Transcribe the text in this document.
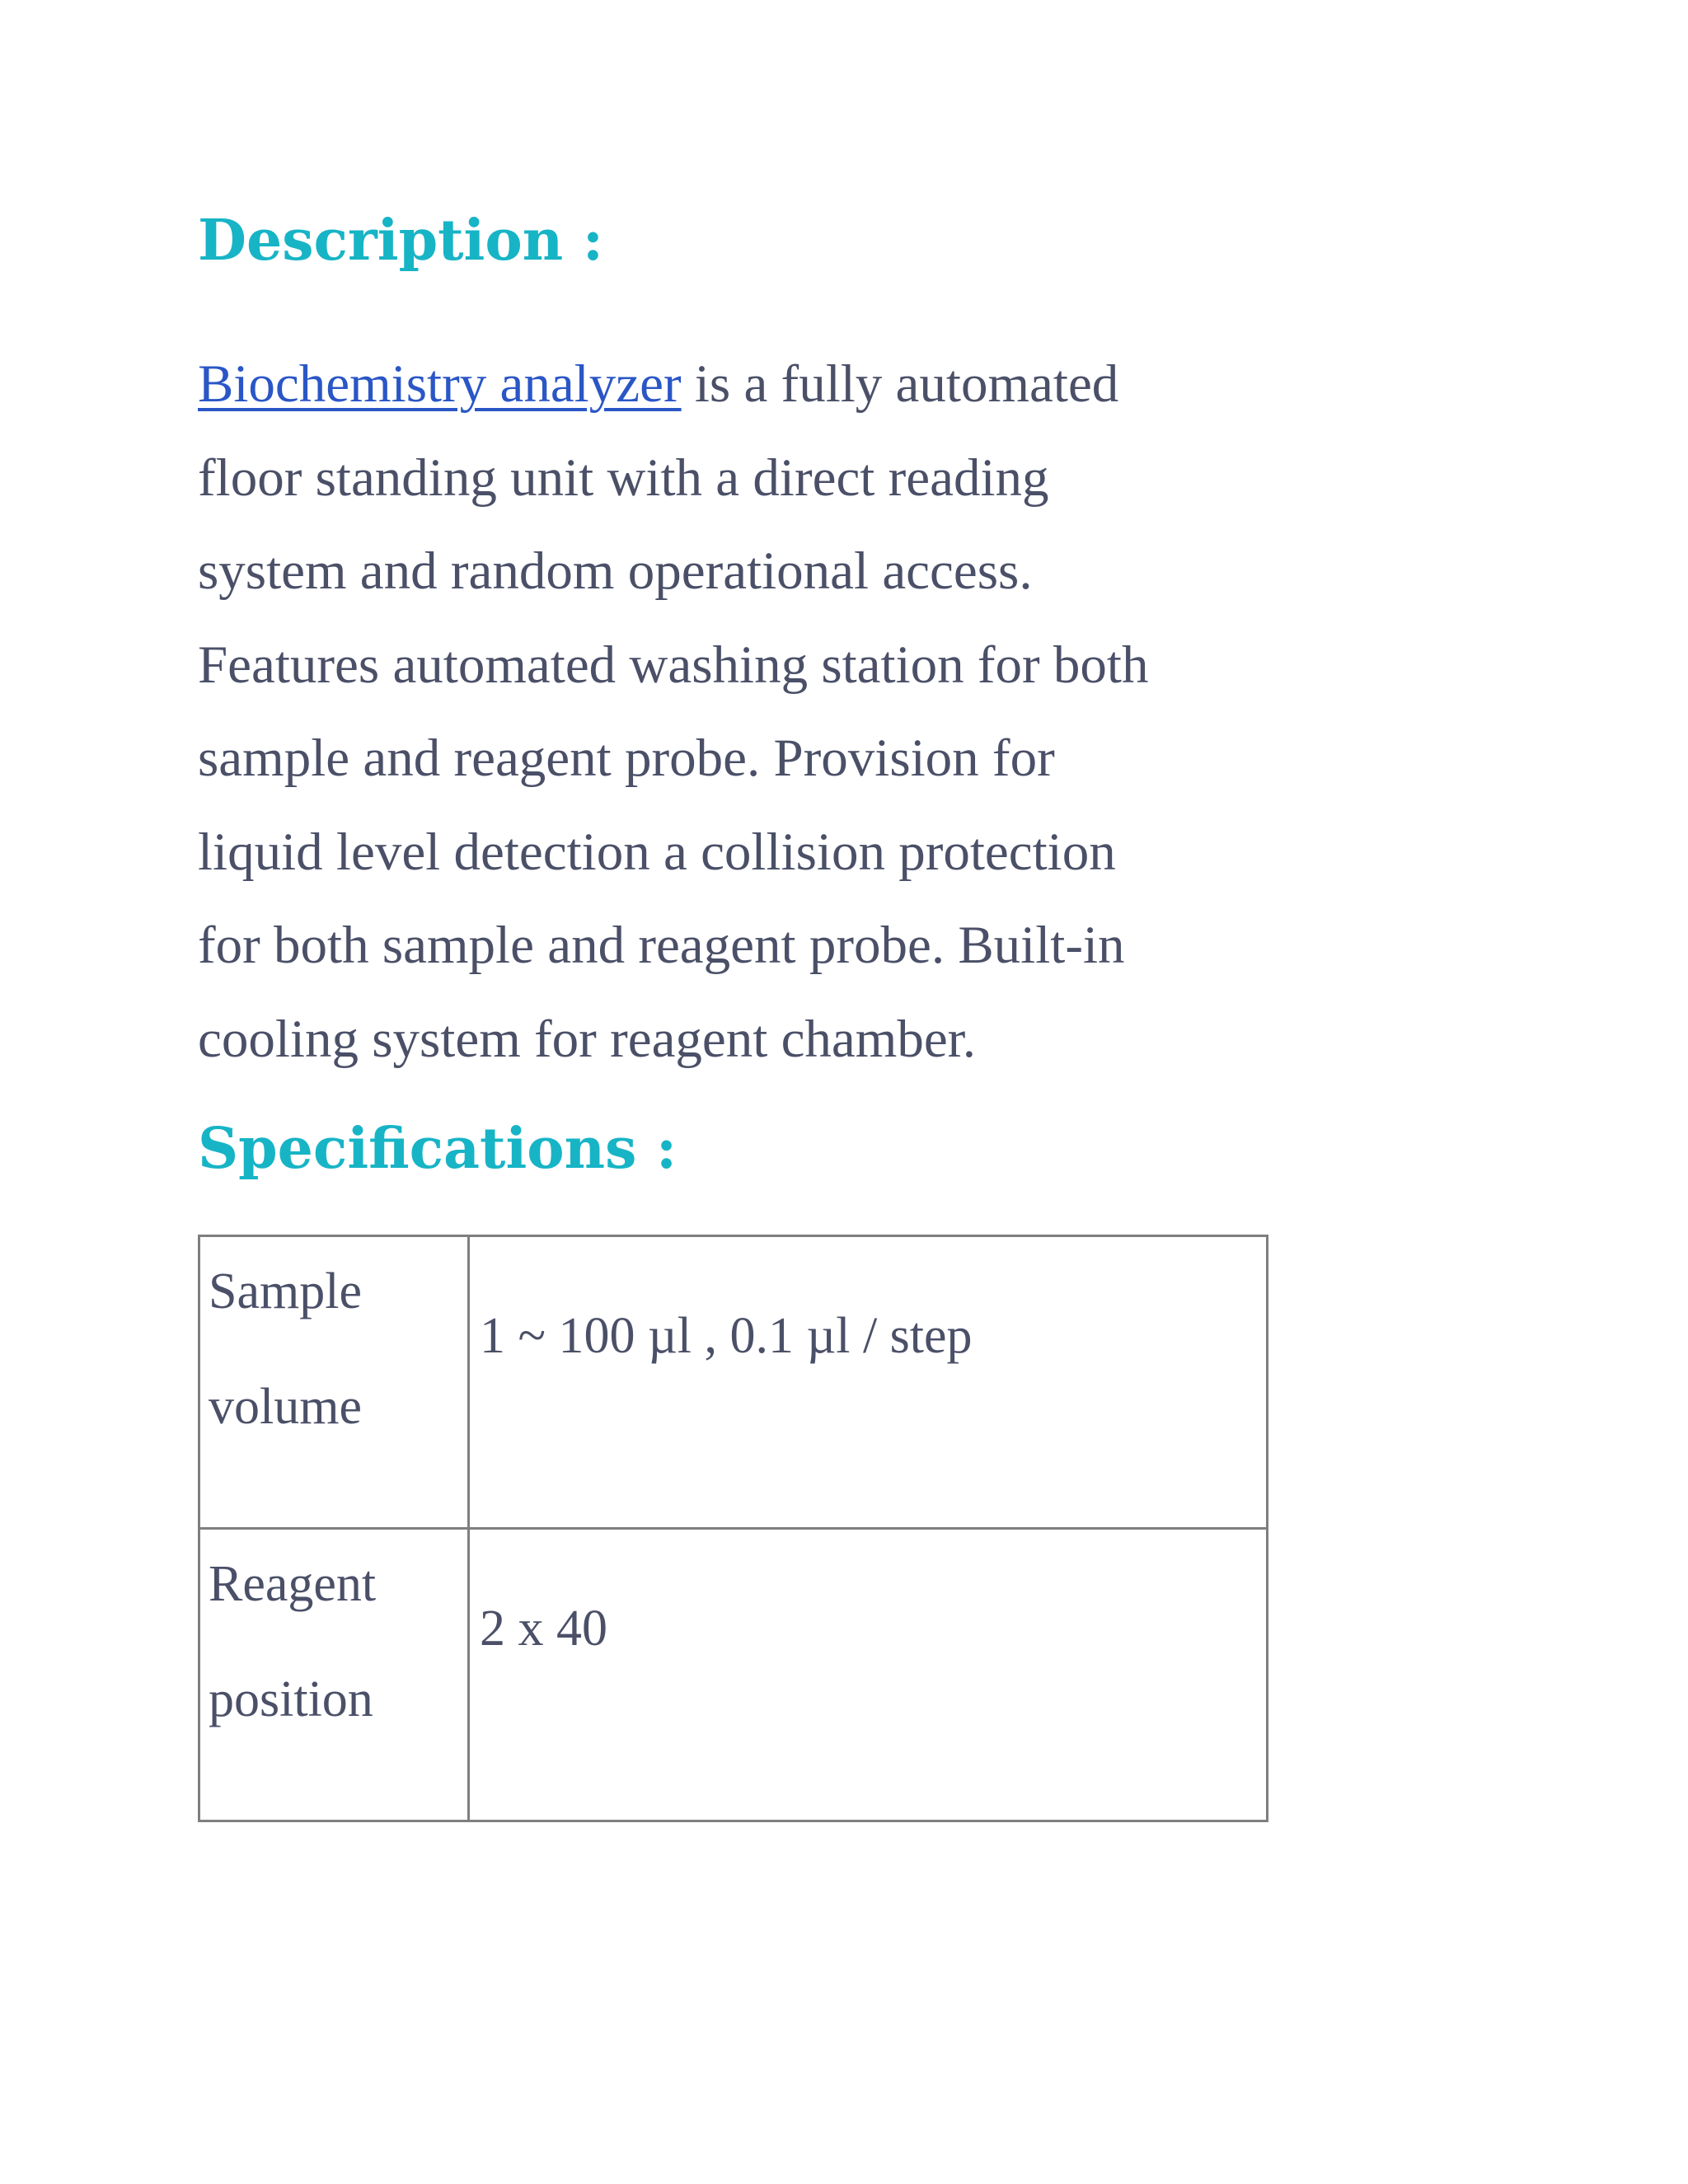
Description :

Biochemistry analyzer is a fully automated
floor standing unit with a direct reading
system and random operational access.
Features automated washing station for both
sample and reagent probe. Provision for
liquid level detection a collision protection
for both sample and reagent probe. Built-in
cooling system for reagent chamber.

Specifications :
Sample
volume	1 ~ 100 µl , 0.1 µl / step

Reagent
position	2 x 40
